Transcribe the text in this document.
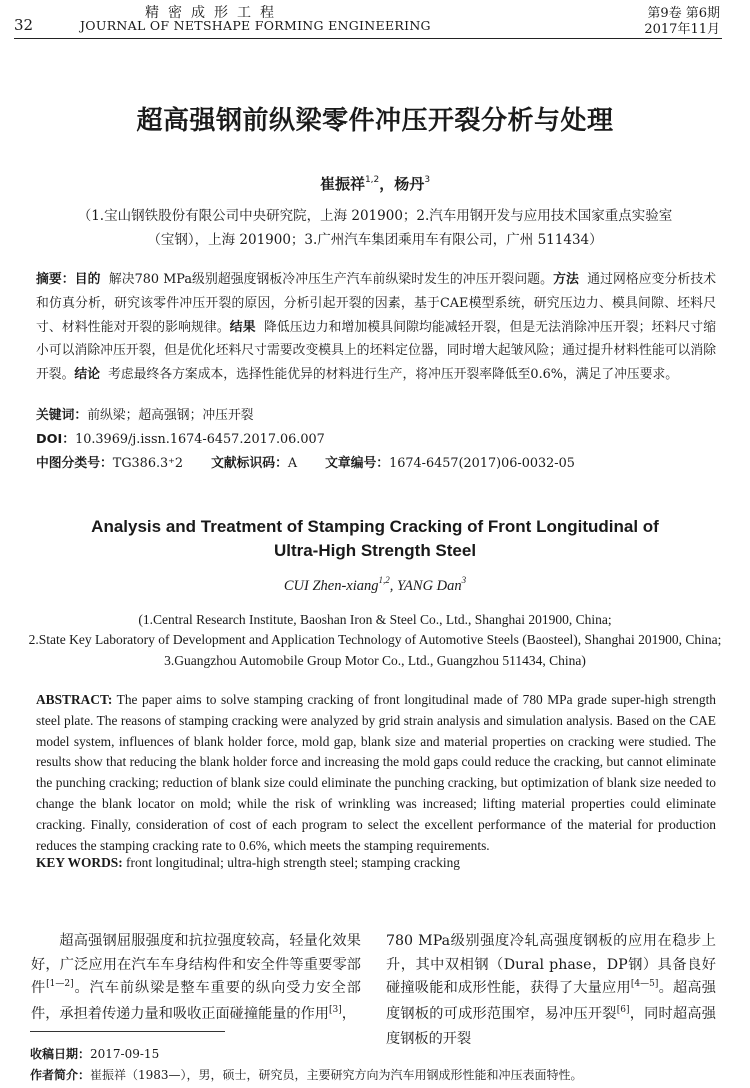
32
精密成形工程
JOURNAL OF NETSHAPE FORMING ENGINEERING
第9卷 第6期
2017年11月
超高强钢前纵梁零件冲压开裂分析与处理
崔振祥$^{1,2}$，杨丹$^3$
（1.宝山钢铁股份有限公司中央研究院，上海 201900；2.汽车用钢开发与应用技术国家重点实验室
（宝钢），上海 201900；3.广州汽车集团乘用车有限公司，广州 511434）
摘要：目的 解决780 MPa级别超强度钢板冷冲压生产汽车前纵梁时发生的冲压开裂问题。方法 通过网格应变分析技术和仿真分析，研究该零件冲压开裂的原因，分析引起开裂的因素，基于CAE模型系统，研究压边力、模具间隙、坯料尺寸、材料性能对开裂的影响规律。结果 降低压边力和增加模具间隙均能减轻开裂，但是无法消除冲压开裂；坯料尺寸缩小可以消除冲压开裂，但是优化坯料尺寸需要改变模具上的坯料定位器，同时增大起皱风险；通过提升材料性能可以消除开裂。结论 考虑最终各方案成本，选择性能优异的材料进行生产，将冲压开裂率降低至0.6%，满足了冲压要求。
关键词：前纵梁；超高强钢；冲压开裂
DOI：10.3969/j.issn.1674-6457.2017.06.007
中图分类号：TG386.3⁺2 文献标识码：A 文章编号：1674-6457(2017)06-0032-05
Analysis and Treatment of Stamping Cracking of Front Longitudinal of
Ultra-High Strength Steel
CUI Zhen-xiang$^{1,2}$, YANG Dan$^3$
(1.Central Research Institute, Baoshan Iron & Steel Co., Ltd., Shanghai 201900, China;
2.State Key Laboratory of Development and Application Technology of Automotive Steels (Baosteel), Shanghai 201900, China;
3.Guangzhou Automobile Group Motor Co., Ltd., Guangzhou 511434, China)
ABSTRACT: The paper aims to solve stamping cracking of front longitudinal made of 780 MPa grade super-high strength steel plate. The reasons of stamping cracking were analyzed by grid strain analysis and simulation analysis. Based on the CAE model system, influences of blank holder force, mold gap, blank size and material properties on cracking were studied. The results show that reducing the blank holder force and increasing the mold gaps could reduce the cracking, but cannot eliminate the punching cracking; reduction of blank size could eliminate the punching cracking, but optimization of blank size needed to change the blank locator on mold; while the risk of wrinkling was increased; lifting material properties could eliminate cracking. Finally, consideration of cost of each program to select the excellent performance of the material for production reduces the stamping cracking rate to 0.6%, which meets the stamping requirements.
KEY WORDS: front longitudinal; ultra-high strength steel; stamping cracking
超高强钢屈服强度和抗拉强度较高，轻量化效果好，广泛应用在汽车车身结构件和安全件等重要零部件[1—2]。汽车前纵梁是整车重要的纵向受力安全部件，承担着传递力量和吸收正面碰撞能量的作用[3]，
780 MPa级别强度冷轧高强度钢板的应用在稳步上升，其中双相钢（Dural phase，DP钢）具备良好碰撞吸能和成形性能，获得了大量应用[4—5]。超高强度钢板的可成形范围窄，易冲压开裂[6]，同时超高强度钢板的开裂
收稿日期：2017-09-15
作者简介：崔振祥（1983—），男，硕士，研究员，主要研究方向为汽车用钢成形性能和冲压表面特性。
